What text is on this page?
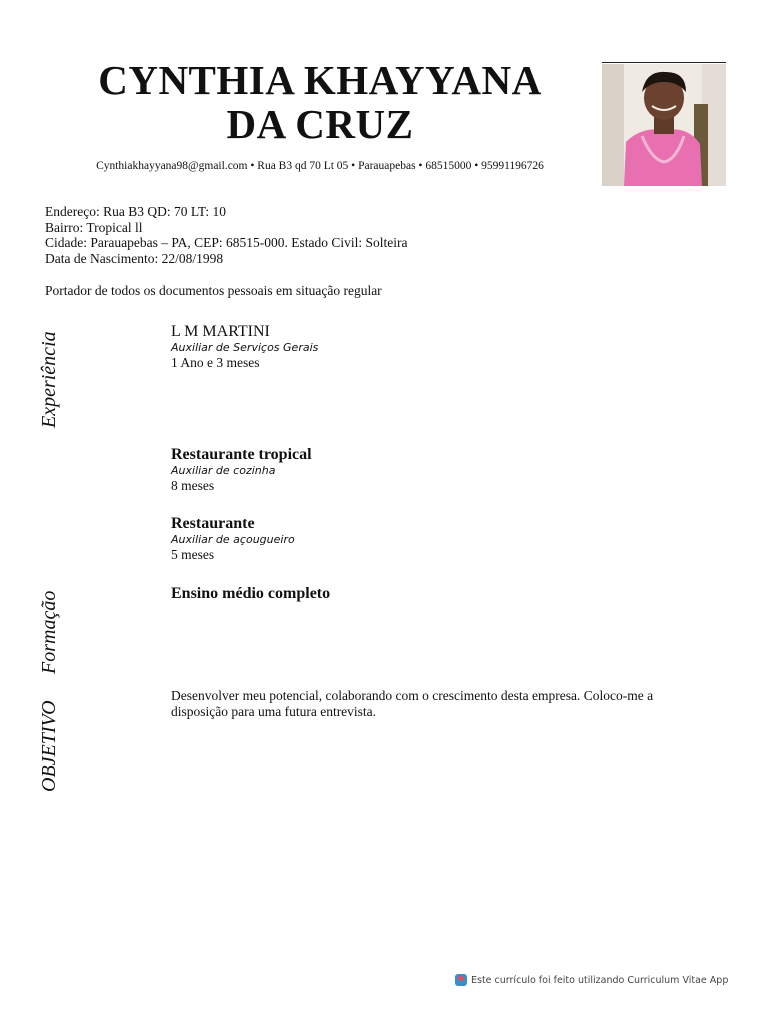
CYNTHIA KHAYYANA
DA CRUZ
Cynthiakhayyana98@gmail.com • Rua B3 qd 70 Lt 05 • Parauapebas • 68515000 • 95991196726
Endereço: Rua B3 QD: 70 LT: 10
Bairro: Tropical ll
Cidade: Parauapebas – PA, CEP: 68515-000. Estado Civil: Solteira
Data de Nascimento: 22/08/1998
Portador de todos os documentos pessoais em situação regular
Experiência
Formação
OBJETIVO
L M MARTINI
Auxiliar de Serviços Gerais
1 Ano e 3 meses
Restaurante tropical
Auxiliar de cozinha
8 meses
Restaurante
Auxiliar de açougueiro
5 meses
Ensino médio completo
Desenvolver meu potencial, colaborando com o crescimento desta empresa. Coloco-me a disposição para uma futura entrevista.
Este currículo foi feito utilizando Curriculum Vitae App
